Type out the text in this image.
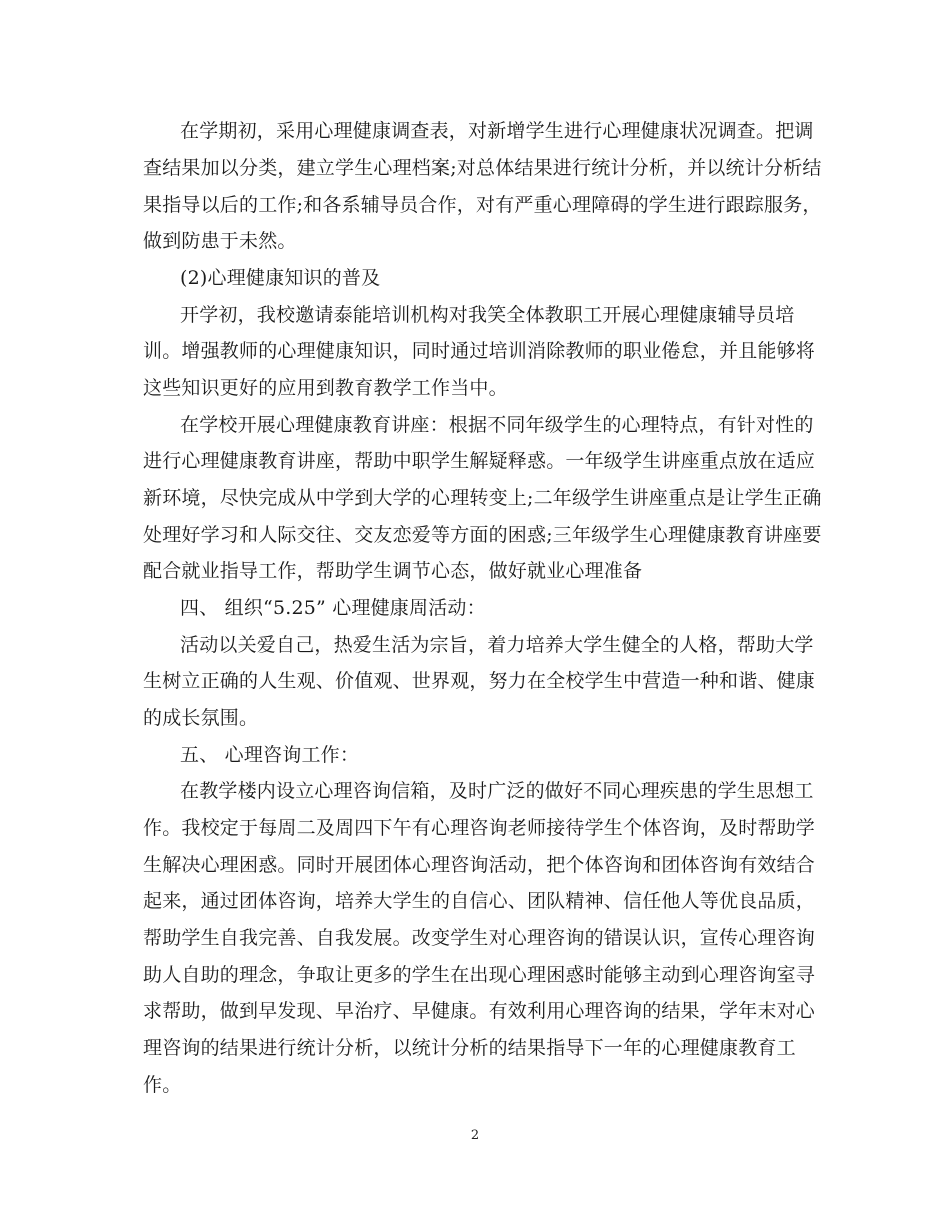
在学期初，采用心理健康调查表，对新增学生进行心理健康状况调查。把调
查结果加以分类，建立学生心理档案;对总体结果进行统计分析，并以统计分析结
果指导以后的工作;和各系辅导员合作，对有严重心理障碍的学生进行跟踪服务，
做到防患于未然。
(2)心理健康知识的普及
开学初，我校邀请泰能培训机构对我笑全体教职工开展心理健康辅导员培
训。增强教师的心理健康知识，同时通过培训消除教师的职业倦怠，并且能够将
这些知识更好的应用到教育教学工作当中。
在学校开展心理健康教育讲座：根据不同年级学生的心理特点，有针对性的
进行心理健康教育讲座，帮助中职学生解疑释惑。一年级学生讲座重点放在适应
新环境，尽快完成从中学到大学的心理转变上;二年级学生讲座重点是让学生正确
处理好学习和人际交往、交友恋爱等方面的困惑;三年级学生心理健康教育讲座要
配合就业指导工作，帮助学生调节心态，做好就业心理准备
四、 组织“5.25” 心理健康周活动：
活动以关爱自己，热爱生活为宗旨，着力培养大学生健全的人格，帮助大学
生树立正确的人生观、价值观、世界观，努力在全校学生中营造一种和谐、健康
的成长氛围。
五、 心理咨询工作：
在教学楼内设立心理咨询信箱，及时广泛的做好不同心理疾患的学生思想工
作。我校定于每周二及周四下午有心理咨询老师接待学生个体咨询，及时帮助学
生解决心理困惑。同时开展团体心理咨询活动，把个体咨询和团体咨询有效结合
起来，通过团体咨询，培养大学生的自信心、团队精神、信任他人等优良品质，
帮助学生自我完善、自我发展。改变学生对心理咨询的错误认识，宣传心理咨询
助人自助的理念，争取让更多的学生在出现心理困惑时能够主动到心理咨询室寻
求帮助，做到早发现、早治疗、早健康。有效利用心理咨询的结果，学年末对心
理咨询的结果进行统计分析，以统计分析的结果指导下一年的心理健康教育工
作。
2
